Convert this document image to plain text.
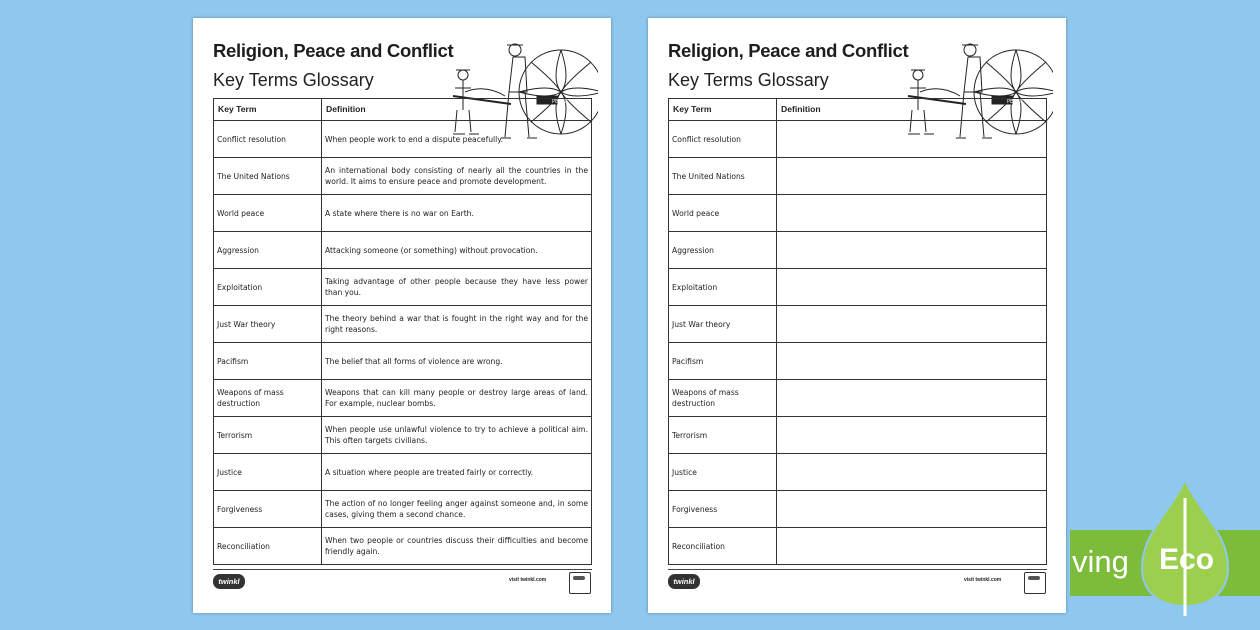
Religion, Peace and Conflict
Key Terms Glossary
PEACE
Key Term	Definition
Conflict resolution	When people work to end a dispute peacefully.
The United Nations	An international body consisting of nearly all the countries in the world. It aims to ensure peace and promote development.
World peace	A state where there is no war on Earth.
Aggression	Attacking someone (or something) without provocation.
Exploitation	Taking advantage of other people because they have less power than you.
Just War theory	The theory behind a war that is fought in the right way and for the right reasons.
Pacifism	The belief that all forms of violence are wrong.
Weapons of mass destruction	Weapons that can kill many people or destroy large areas of land. For example, nuclear bombs.
Terrorism	When people use unlawful violence to try to achieve a political aim. This often targets civilians.
Justice	A situation where people are treated fairly or correctly.
Forgiveness	The action of no longer feeling anger against someone and, in some cases, giving them a second chance.
Reconciliation	When two people or countries discuss their difficulties and become friendly again.
twinkl	visit twinkl.com
Religion, Peace and Conflict
Key Terms Glossary
PEACE
Key Term	Definition
Conflict resolution	
The United Nations	
World peace	
Aggression	
Exploitation	
Just War theory	
Pacifism	
Weapons of mass destruction	
Terrorism	
Justice	
Forgiveness	
Reconciliation	
twinkl	visit twinkl.com
ving Eco
